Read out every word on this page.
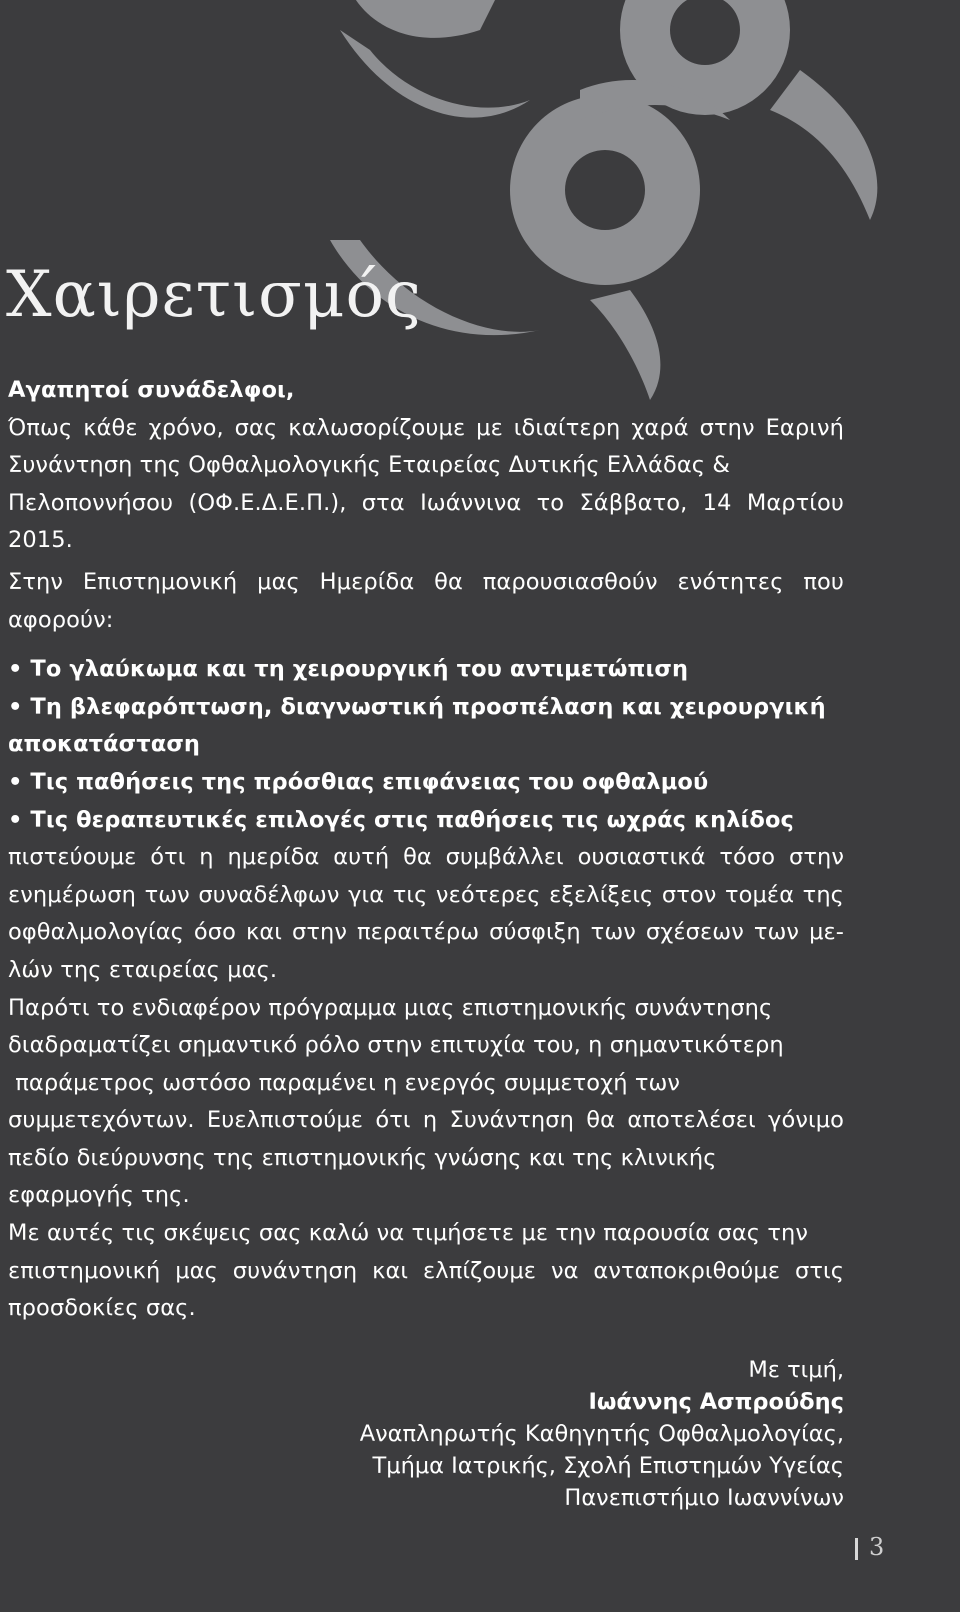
Χαιρετισμός

Αγαπητοί συνάδελφοι,

Όπως κάθε χρόνο, σας καλωσορίζουμε με ιδιαίτερη χαρά στην Εαρινή

Συνάντηση της Οφθαλμολογικής Εταιρείας Δυτικής Ελλάδας &

Πελοποννήσου (ΟΦ.Ε.Δ.Ε.Π.), στα Ιωάννινα το Σάββατο, 14 Μαρτίου

2015.

Στην Επιστημονική μας Ημερίδα θα παρουσιασθούν ενότητες που

αφορούν:

• Το γλαύκωμα και τη χειρουργική του αντιμετώπιση

• Τη βλεφαρόπτωση, διαγνωστική προσπέλαση και χειρουργική

αποκατάσταση

• Τις παθήσεις της πρόσθιας επιφάνειας του οφθαλμού

• Τις θεραπευτικές επιλογές στις παθήσεις τις ωχράς κηλίδος

πιστεύουμε ότι η ημερίδα αυτή θα συμβάλλει ουσιαστικά τόσο στην

ενημέρωση των συναδέλφων για τις νεότερες εξελίξεις στον τομέα της

οφθαλμολογίας όσο και στην περαιτέρω σύσφιξη των σχέσεων των με-

λών της εταιρείας μας.

Παρότι το ενδιαφέρον πρόγραμμα μιας επιστημονικής συνάντησης

διαδραματίζει σημαντικό ρόλο στην επιτυχία του, η σημαντικότερη

παράμετρος ωστόσο παραμένει η ενεργός συμμετοχή των

συμμετεχόντων. Ευελπιστούμε ότι η Συνάντηση θα αποτελέσει γόνιμο

πεδίο διεύρυνσης της επιστημονικής γνώσης και της κλινικής

εφαρμογής της.

Με αυτές τις σκέψεις σας καλώ να τιμήσετε με την παρουσία σας την

επιστημονική μας συνάντηση και ελπίζουμε να ανταποκριθούμε στις

προσδοκίες σας.

Με τιμή,
Ιωάννης Ασπρούδης
Αναπληρωτής Καθηγητής Οφθαλμολογίας,
Τμήμα Ιατρικής, Σχολή Επιστημών Υγείας
Πανεπιστήμιο Ιωαννίνων
3
